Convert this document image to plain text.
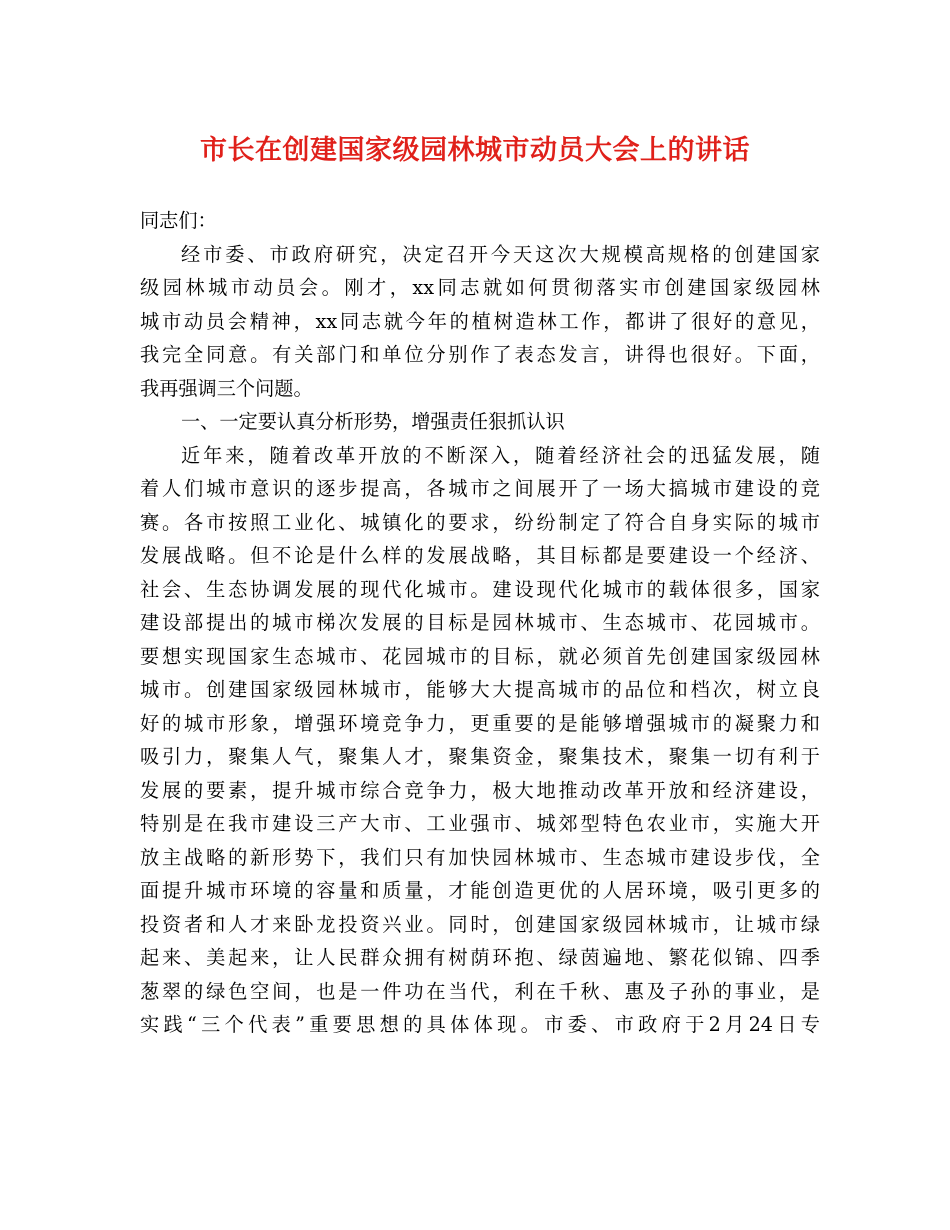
市长在创建国家级园林城市动员大会上的讲话
同志们：
经市委、市政府研究，决定召开今天这次大规模高规格的创建国家
级园林城市动员会。刚才，xx同志就如何贯彻落实市创建国家级园林
城市动员会精神，xx同志就今年的植树造林工作，都讲了很好的意见，
我完全同意。有关部门和单位分别作了表态发言，讲得也很好。下面，
我再强调三个问题。
一、一定要认真分析形势，增强责任狠抓认识
近年来，随着改革开放的不断深入，随着经济社会的迅猛发展，随
着人们城市意识的逐步提高，各城市之间展开了一场大搞城市建设的竞
赛。各市按照工业化、城镇化的要求，纷纷制定了符合自身实际的城市
发展战略。但不论是什么样的发展战略，其目标都是要建设一个经济、
社会、生态协调发展的现代化城市。建设现代化城市的载体很多，国家
建设部提出的城市梯次发展的目标是园林城市、生态城市、花园城市。
要想实现国家生态城市、花园城市的目标，就必须首先创建国家级园林
城市。创建国家级园林城市，能够大大提高城市的品位和档次，树立良
好的城市形象，增强环境竞争力，更重要的是能够增强城市的凝聚力和
吸引力，聚集人气，聚集人才，聚集资金，聚集技术，聚集一切有利于
发展的要素，提升城市综合竞争力，极大地推动改革开放和经济建设，
特别是在我市建设三产大市、工业强市、城郊型特色农业市，实施大开
放主战略的新形势下，我们只有加快园林城市、生态城市建设步伐，全
面提升城市环境的容量和质量，才能创造更优的人居环境，吸引更多的
投资者和人才来卧龙投资兴业。同时，创建国家级园林城市，让城市绿
起来、美起来，让人民群众拥有树荫环抱、绿茵遍地、繁花似锦、四季
葱翠的绿色空间，也是一件功在当代，利在千秋、惠及子孙的事业，是
实践“三个代表”重要思想的具体体现。市委、市政府于2月24日专
